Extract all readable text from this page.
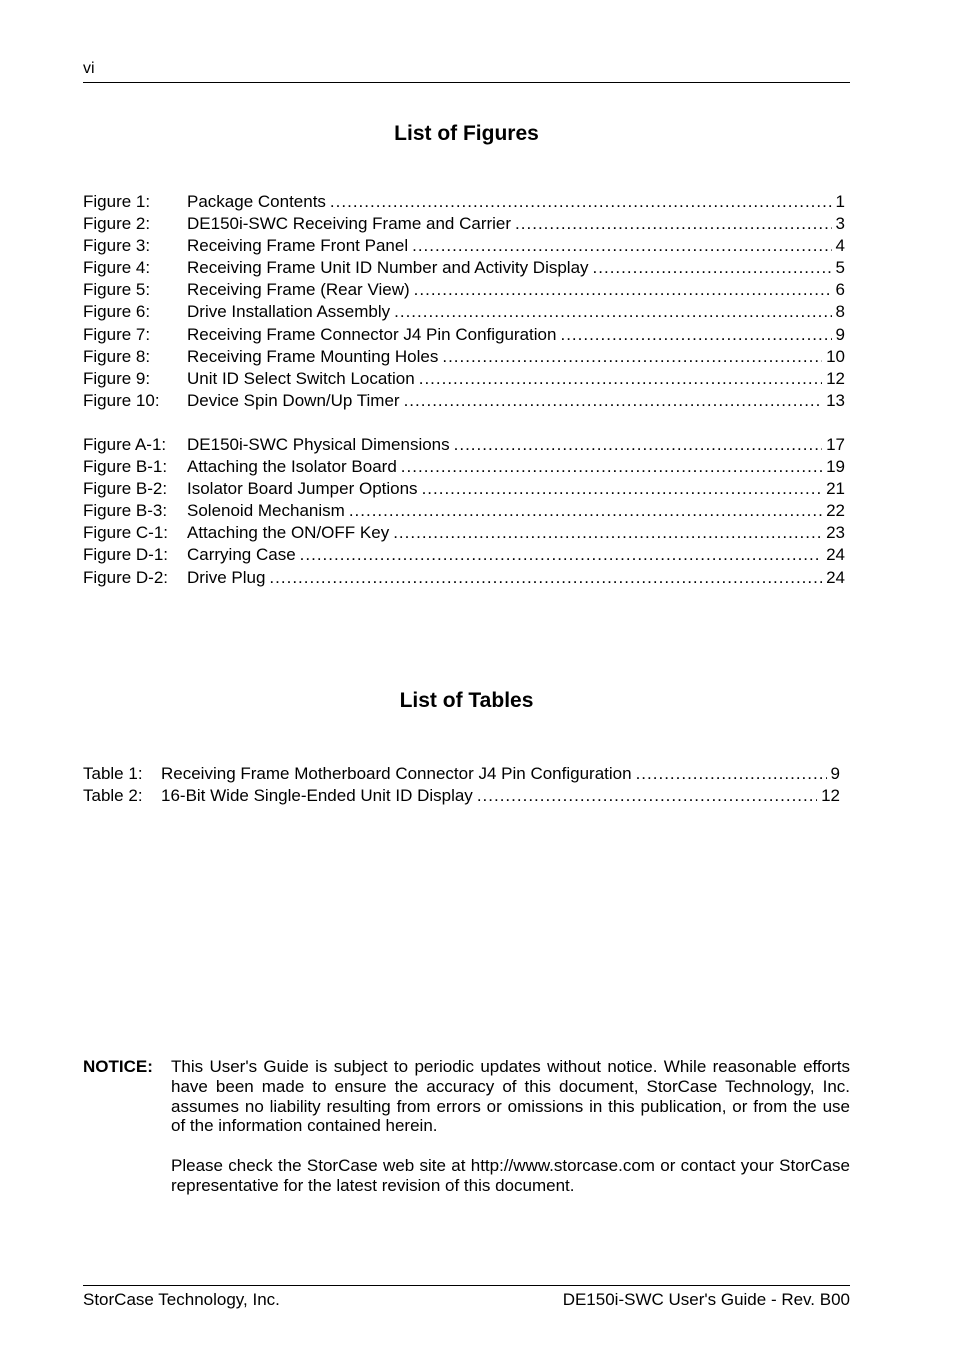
vi
List of Figures
Figure 1:	Package Contents .....	1
Figure 2:	DE150i-SWC Receiving Frame and Carrier .....	3
Figure 3:	Receiving Frame Front Panel .....	4
Figure 4:	Receiving Frame Unit ID Number and Activity Display .....	5
Figure 5:	Receiving Frame (Rear View) .....	6
Figure 6:	Drive Installation Assembly .....	8
Figure 7:	Receiving Frame Connector J4 Pin Configuration .....	9
Figure 8:	Receiving Frame Mounting Holes .....	10
Figure 9:	Unit ID Select Switch Location .....	12
Figure 10:	Device Spin Down/Up Timer .....	13
Figure A-1:	DE150i-SWC Physical Dimensions .....	17
Figure B-1:	Attaching the Isolator Board .....	19
Figure B-2:	Isolator Board Jumper Options .....	21
Figure B-3:	Solenoid Mechanism .....	22
Figure C-1:	Attaching the ON/OFF Key .....	23
Figure D-1:	Carrying Case .....	24
Figure D-2:	Drive Plug .....	24
List of Tables
Table 1:	Receiving Frame Motherboard Connector J4 Pin Configuration .....	9
Table 2:	16-Bit Wide Single-Ended Unit ID Display .....	12
NOTICE: This User's Guide is subject to periodic updates without notice. While reasonable efforts have been made to ensure the accuracy of this document, StorCase Technology, Inc. assumes no liability resulting from errors or omissions in this publication, or from the use of the information contained herein.

Please check the StorCase web site at http://www.storcase.com or contact your StorCase representative for the latest revision of this document.

StorCase Technology, Inc.	DE150i-SWC User's Guide - Rev. B00
